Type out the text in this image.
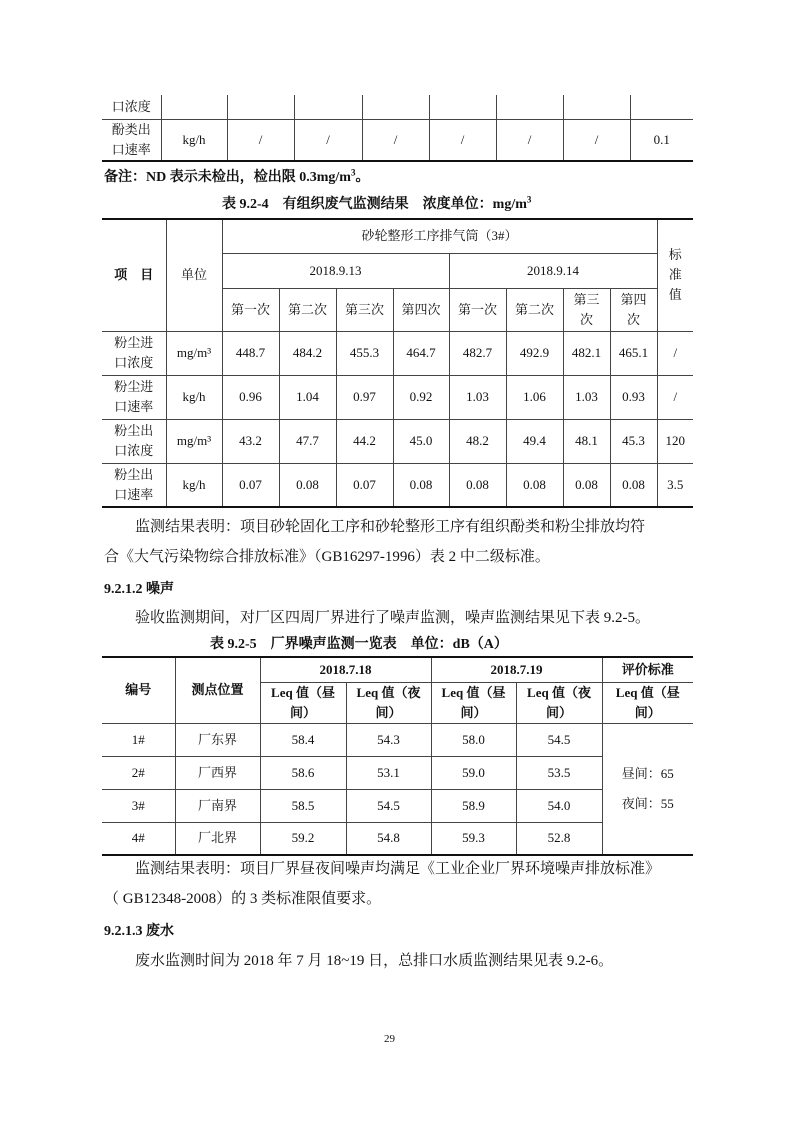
口浓度								
酚类出
口速率	kg/h	/	/	/	/	/	/	0.1
备注：ND 表示未检出，检出限 $0.3mg/m^3$。
表 9.2-4　有组织废气监测结果　浓度单位：$mg/m^3$
项　目	单位	砂轮整形工序排气筒（3#）								标
准
值
		2018.9.13				2018.9.14				
		第一次	第二次	第三次	第四次	第一次	第二次	第三
次	第四
次	
粉尘进
口浓度	mg/m³	448.7	484.2	455.3	464.7	482.7	492.9	482.1	465.1	/
粉尘进
口速率	kg/h	0.96	1.04	0.97	0.92	1.03	1.06	1.03	0.93	/
粉尘出
口浓度	mg/m³	43.2	47.7	44.2	45.0	48.2	49.4	48.1	45.3	120
粉尘出
口速率	kg/h	0.07	0.08	0.07	0.08	0.08	0.08	0.08	0.08	3.5
监测结果表明：项目砂轮固化工序和砂轮整形工序有组织酚类和粉尘排放均符
合《大气污染物综合排放标准》（GB16297-1996）表 2 中二级标准。
9.2.1.2 噪声
验收监测期间，对厂区四周厂界进行了噪声监测，噪声监测结果见下表 9.2-5。
表 9.2-5　厂界噪声监测一览表　单位：dB（A）
编号	测点位置	2018.7.18		2018.7.19		评价标准
		Leq 值（昼
间）	Leq 值（夜
间）	Leq 值（昼
间）	Leq 值（夜
间）	Leq 值（昼
间）
1#	厂东界	58.4	54.3	58.0	54.5	昼间：65
夜间：55
2#	厂西界	58.6	53.1	59.0	53.5	
3#	厂南界	58.5	54.5	58.9	54.0	
4#	厂北界	59.2	54.8	59.3	52.8	
监测结果表明：项目厂界昼夜间噪声均满足《工业企业厂界环境噪声排放标准》
（ GB12348-2008）的 3 类标准限值要求。
9.2.1.3 废水
废水监测时间为 2018 年 7 月 18~19 日，总排口水质监测结果见表 9.2-6。
29
